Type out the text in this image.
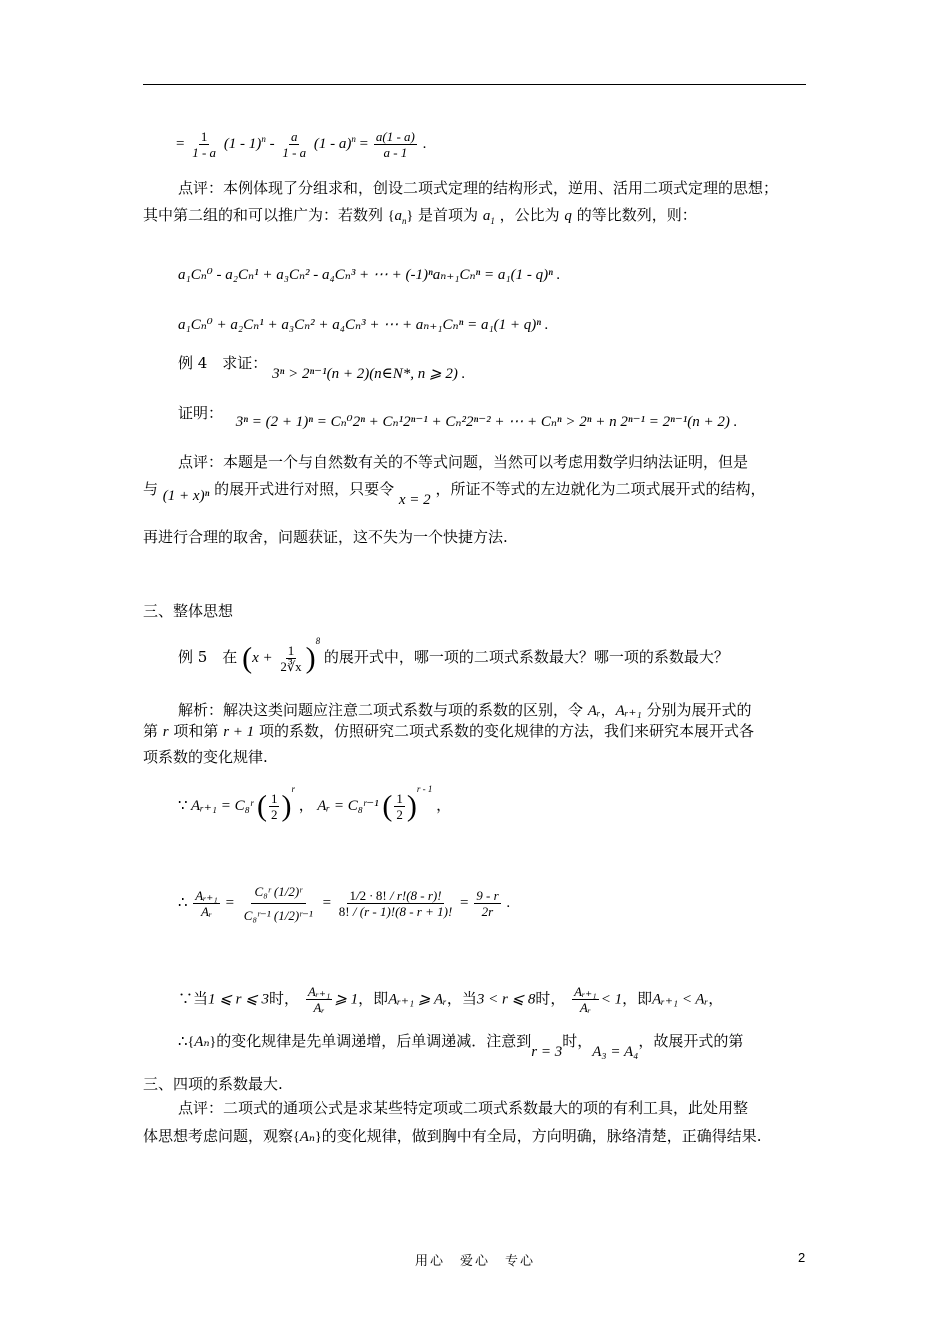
= $\frac{1}{1 - a} (1 - 1)^n - \frac{a}{1 - a} (1 - a)^n = \frac{a(1 - a)}{a - 1}$ .
点评：本例体现了分组求和，创设二项式定理的结构形式，逆用、活用二项式定理的思想；
其中第二组的和可以推广为：若数列 $\{a_n\}$ 是首项为 $a_1$ ，公比为 q 的等比数列，则：
a₁Cₙ⁰ - a₂Cₙ¹ + a₃Cₙ² - a₄Cₙ³ + ⋯ + (-1)ⁿaₙ₊₁Cₙⁿ = a₁(1 - q)ⁿ .
a₁Cₙ⁰ + a₂Cₙ¹ + a₃Cₙ² + a₄Cₙ³ + ⋯ + aₙ₊₁Cₙⁿ = a₁(1 + q)ⁿ .
例 4　求证： 3ⁿ > 2ⁿ⁻¹(n + 2)(n∈N*, n ⩾ 2) .
证明： 3ⁿ = (2 + 1)ⁿ = Cₙ⁰2ⁿ + Cₙ¹2ⁿ⁻¹ + Cₙ²2ⁿ⁻² + ⋯ + Cₙⁿ > 2ⁿ + n 2ⁿ⁻¹ = 2ⁿ⁻¹(n + 2) .
点评：本题是一个与自然数有关的不等式问题，当然可以考虑用数学归纳法证明，但是
与 (1 + x)ⁿ 的展开式进行对照，只要令 x = 2 ，所证不等式的左边就化为二项式展开式的结构，
再进行合理的取舍，问题获证，这不失为一个快捷方法.
三、整体思想
例 5　在 $(x + \frac{1}{2∛x} )^8$ 的展开式中，哪一项的二项式系数最大？哪一项的系数最大？
解析：解决这类问题应注意二项式系数与项的系数的区别，令 Aᵣ，Aᵣ₊₁ 分别为展开式的
第 r 项和第 r + 1 项的系数，仿照研究二项式系数的变化规律的方法，我们来研究本展开式各
项系数的变化规律.
∵ Aᵣ₊₁ = C₈ʳ ( $\frac{1}{2} )^r$ ， Aᵣ = C₈ʳ⁻¹ ( $\frac{1}{2} )^{r - 1}$ ，
∴ $\frac{\text{Aᵣ₊₁}}{\text{Aᵣ}} = \frac{\text{C₈ʳ (1/2)ʳ}}{\text{C₈ʳ⁻¹ (1/2)ʳ⁻¹}} = \frac{1/2 \cdot 8! / r!(8 - r)!}{8! / (r - 1)!(8 - r + 1)!} = \frac{9 - r}{2r}$ .
∵当1 ⩽ r ⩽ 3时， $\frac{\text{Aᵣ₊₁}}{\text{Aᵣ}}$ ⩾ 1，即Aᵣ₊₁ ⩾ Aᵣ，当3 < r ⩽ 8时， $\frac{\text{Aᵣ₊₁}}{\text{Aᵣ}} < 1$，即Aᵣ₊₁ < Aᵣ，
∴{Aₙ}的变化规律是先单调递增，后单调递减．注意到r = 3时，A₃ = A₄，故展开式的第
三、四项的系数最大.
点评：二项式的通项公式是求某些特定项或二项式系数最大的项的有利工具，此处用整
体思想考虑问题，观察{Aₙ}的变化规律，做到胸中有全局，方向明确，脉络清楚，正确得结果.
用心　爱心　专心	2
